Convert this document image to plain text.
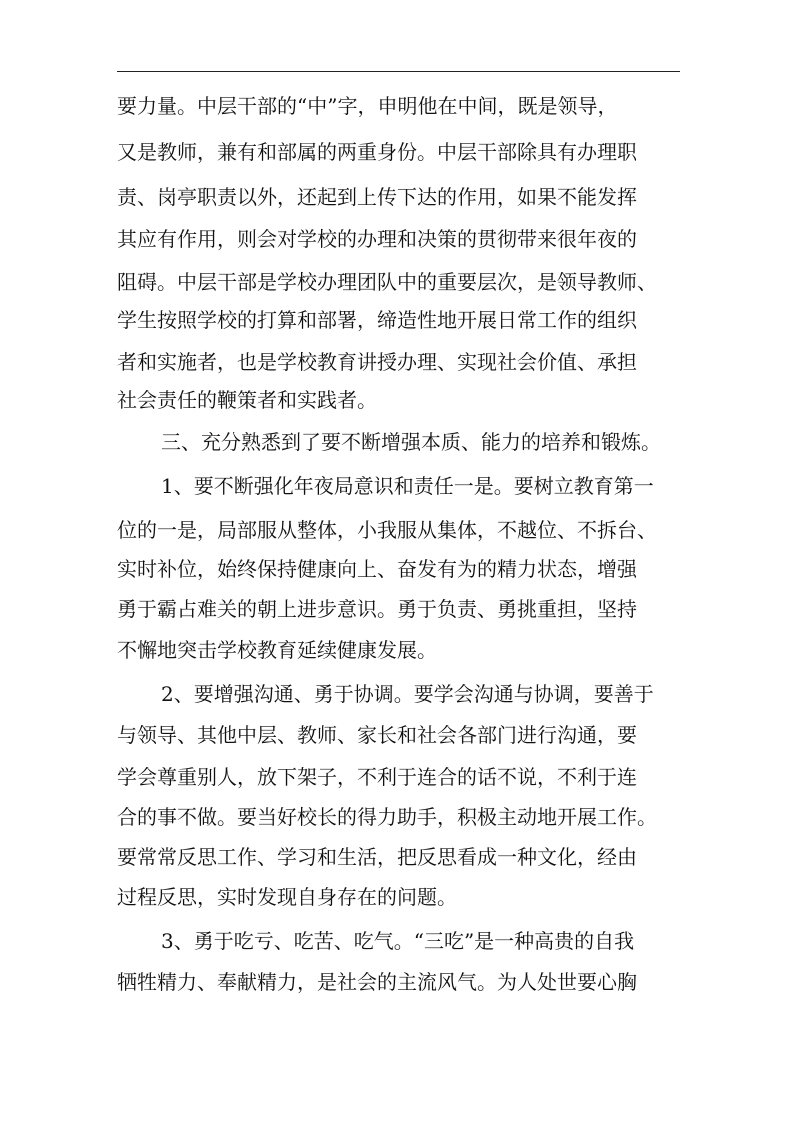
要力量。中层干部的“中”字，申明他在中间，既是领导，
又是教师，兼有和部属的两重身份。中层干部除具有办理职
责、岗亭职责以外，还起到上传下达的作用，如果不能发挥
其应有作用，则会对学校的办理和决策的贯彻带来很年夜的
阻碍。中层干部是学校办理团队中的重要层次，是领导教师、
学生按照学校的打算和部署，缔造性地开展日常工作的组织
者和实施者，也是学校教育讲授办理、实现社会价值、承担
社会责任的鞭策者和实践者。
三、充分熟悉到了要不断增强本质、能力的培养和锻炼。
1、要不断强化年夜局意识和责任一是。要树立教育第一
位的一是，局部服从整体，小我服从集体，不越位、不拆台、
实时补位，始终保持健康向上、奋发有为的精力状态，增强
勇于霸占难关的朝上进步意识。勇于负责、勇挑重担，坚持
不懈地突击学校教育延续健康发展。
2、要增强沟通、勇于协调。要学会沟通与协调，要善于
与领导、其他中层、教师、家长和社会各部门进行沟通，要
学会尊重别人，放下架子，不利于连合的话不说，不利于连
合的事不做。要当好校长的得力助手，积极主动地开展工作。
要常常反思工作、学习和生活，把反思看成一种文化，经由
过程反思，实时发现自身存在的问题。
3、勇于吃亏、吃苦、吃气。“三吃”是一种高贵的自我
牺牲精力、奉献精力，是社会的主流风气。为人处世要心胸
